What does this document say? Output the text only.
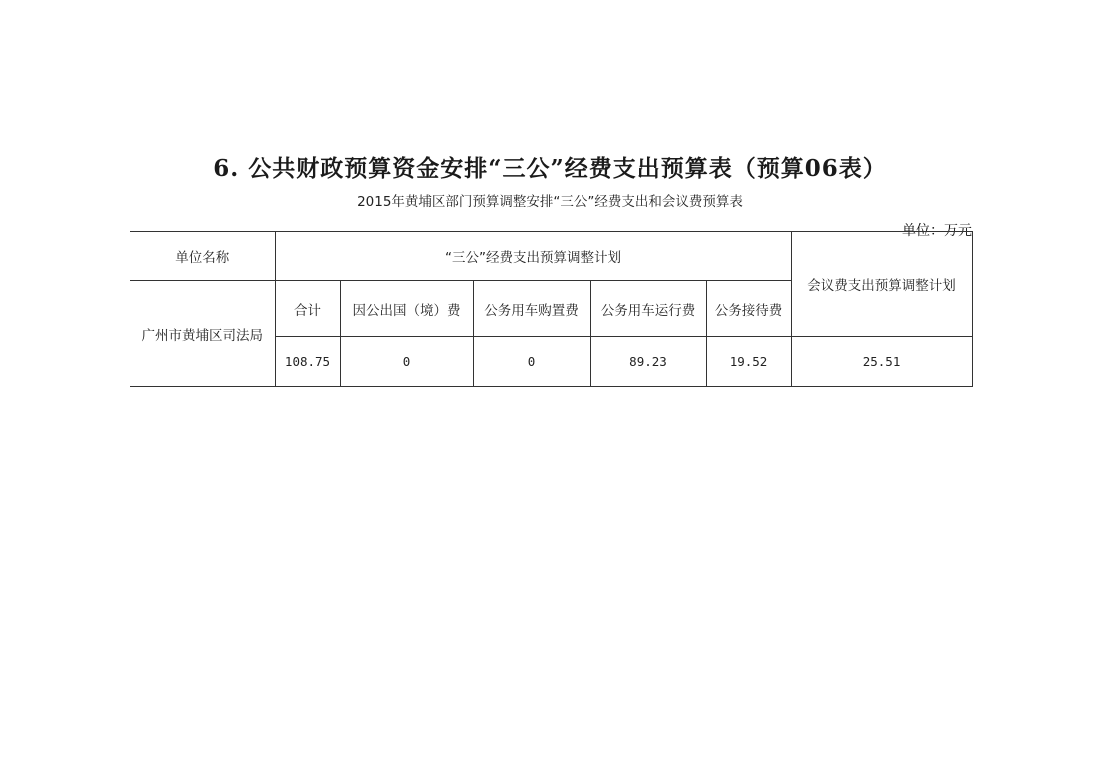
6. 公共财政预算资金安排“三公”经费支出预算表（预算06表）
2015年黄埔区部门预算调整安排“三公”经费支出和会议费预算表
单位：万元
单位名称	“三公”经费支出预算调整计划					会议费支出预算调整计划
广州市黄埔区司法局	合计	因公出国（境）费	公务用车购置费	公务用车运行费	公务接待费	
	108.75	0	0	89.23	19.52	25.51
